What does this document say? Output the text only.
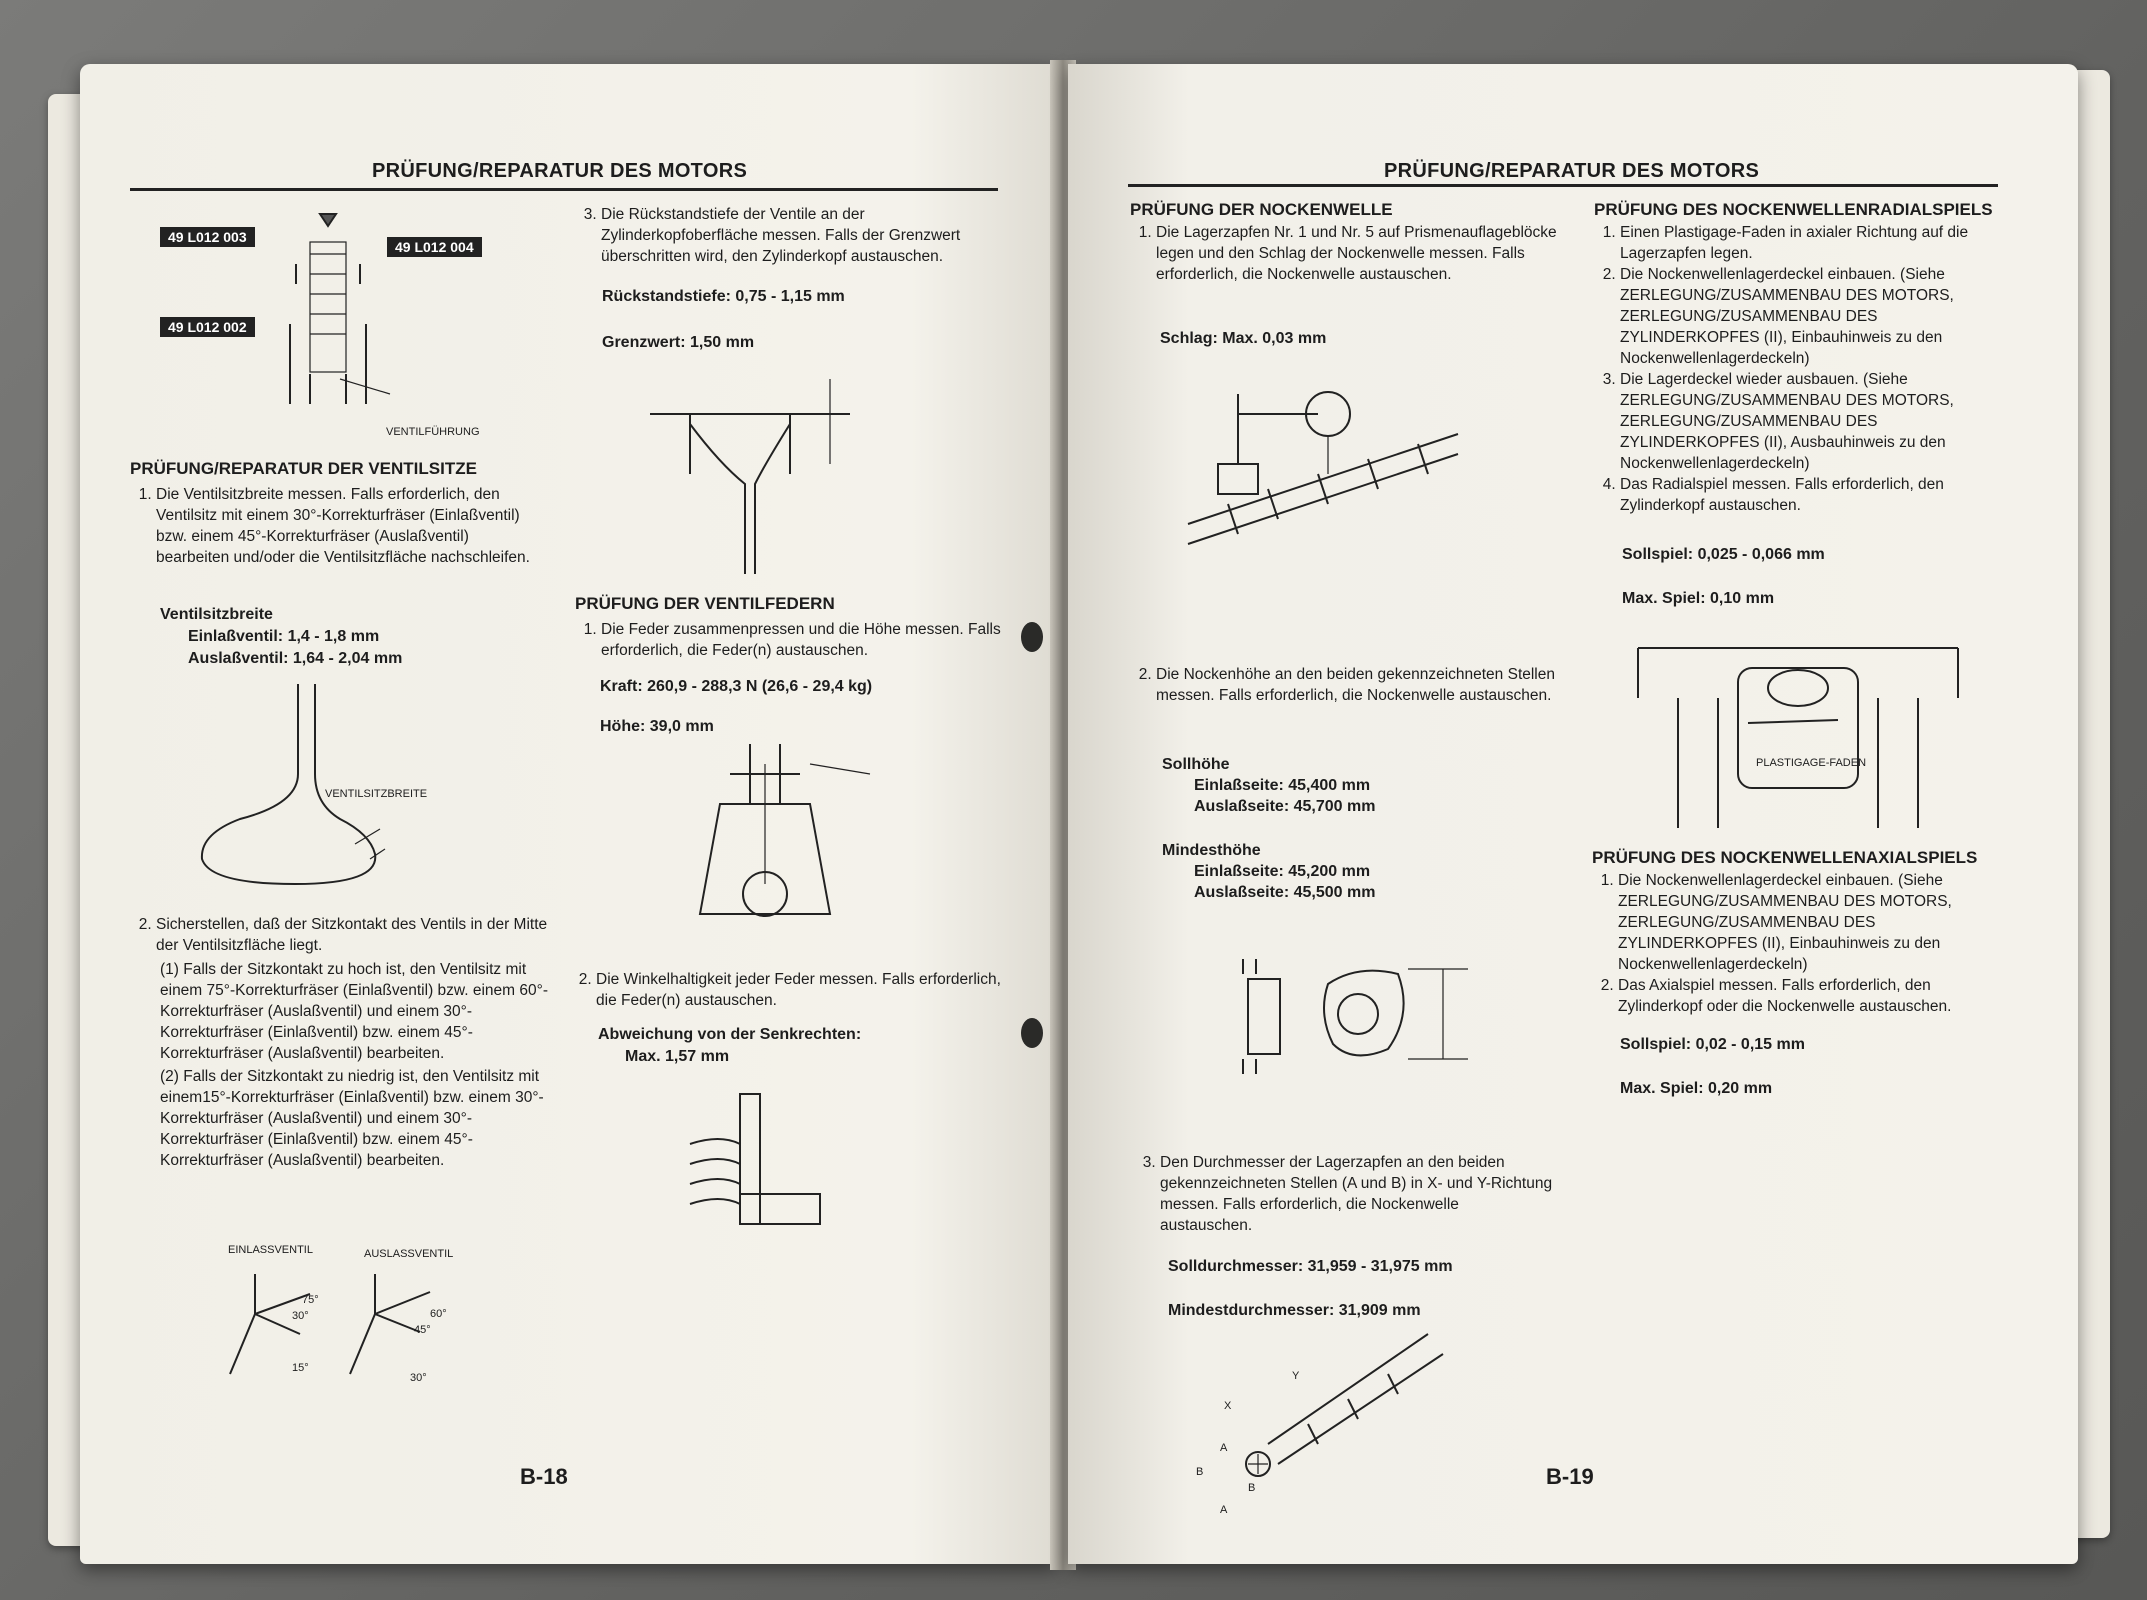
PRÜFUNG/REPARATUR DES MOTORS
49 L012 003
49 L012 004
49 L012 002
VENTILFÜHRUNG
PRÜFUNG/REPARATUR DER VENTILSITZE
1. Die Ventilsitzbreite messen. Falls erforderlich, den Ventilsitz mit einem 30°-Korrekturfräser (Einlaßventil) bzw. einem 45°-Korrekturfräser (Auslaßventil) bearbeiten und/oder die Ventilsitzfläche nachschleifen.
Ventilsitzbreite
Einlaßventil: 1,4 - 1,8 mm
Auslaßventil: 1,64 - 2,04 mm
VENTILSITZBREITE
2. Sicherstellen, daß der Sitzkontakt des Ventils in der Mitte der Ventilsitzfläche liegt.
(1) Falls der Sitzkontakt zu hoch ist, den Ventilsitz mit einem 75°-Korrekturfräser (Einlaßventil) bzw. einem 60°-Korrekturfräser (Auslaßventil) und einem 30°-Korrekturfräser (Einlaßventil) bzw. einem 45°-Korrekturfräser (Auslaßventil) bearbeiten.
(2) Falls der Sitzkontakt zu niedrig ist, den Ventilsitz mit einem15°-Korrekturfräser (Einlaßventil) bzw. einem 30°-Korrekturfräser (Auslaßventil) und einem 30°-Korrekturfräser (Einlaßventil) bzw. einem 45°-Korrekturfräser (Auslaßventil) bearbeiten.
EINLASSVENTIL	AUSLASSVENTIL
75°
30°
15°
60°
45°
30°
3. Die Rückstandstiefe der Ventile an der Zylinderkopfoberfläche messen. Falls der Grenzwert überschritten wird, den Zylinderkopf austauschen.
Rückstandstiefe: 0,75 - 1,15 mm
Grenzwert: 1,50 mm
PRÜFUNG DER VENTILFEDERN
1. Die Feder zusammenpressen und die Höhe messen. Falls erforderlich, die Feder(n) austauschen.
Kraft: 260,9 - 288,3 N (26,6 - 29,4 kg)
Höhe: 39,0 mm
2. Die Winkelhaltigkeit jeder Feder messen. Falls erforderlich, die Feder(n) austauschen.
Abweichung von der Senkrechten:
Max. 1,57 mm
B-18
PRÜFUNG/REPARATUR DES MOTORS
PRÜFUNG DER NOCKENWELLE
1. Die Lagerzapfen Nr. 1 und Nr. 5 auf Prismenauflageblöcke legen und den Schlag der Nockenwelle messen. Falls erforderlich, die Nockenwelle austauschen.
Schlag: Max. 0,03 mm
2. Die Nockenhöhe an den beiden gekennzeichneten Stellen messen. Falls erforderlich, die Nockenwelle austauschen.
Sollhöhe
Einlaßseite: 45,400 mm
Auslaßseite: 45,700 mm
Mindesthöhe
Einlaßseite: 45,200 mm
Auslaßseite: 45,500 mm
3. Den Durchmesser der Lagerzapfen an den beiden gekennzeichneten Stellen (A und B) in X- und Y-Richtung messen. Falls erforderlich, die Nockenwelle austauschen.
Solldurchmesser: 31,959 - 31,975 mm
Mindestdurchmesser: 31,909 mm
X
Y
A
B
B
A
PRÜFUNG DES NOCKENWELLENRADIALSPIELS
1. Einen Plastigage-Faden in axialer Richtung auf die Lagerzapfen legen.
2. Die Nockenwellenlagerdeckel einbauen. (Siehe ZERLEGUNG/ZUSAMMENBAU DES MOTORS, ZERLEGUNG/ZUSAMMENBAU DES ZYLINDERKOPFES (II), Einbauhinweis zu den Nockenwellenlagerdeckeln)
3. Die Lagerdeckel wieder ausbauen. (Siehe ZERLEGUNG/ZUSAMMENBAU DES MOTORS, ZERLEGUNG/ZUSAMMENBAU DES ZYLINDERKOPFES (II), Ausbauhinweis zu den Nockenwellenlagerdeckeln)
4. Das Radialspiel messen. Falls erforderlich, den Zylinderkopf austauschen.
Sollspiel: 0,025 - 0,066 mm
Max. Spiel: 0,10 mm
PLASTIGAGE-FADEN
PRÜFUNG DES NOCKENWELLENAXIALSPIELS
1. Die Nockenwellenlagerdeckel einbauen. (Siehe ZERLEGUNG/ZUSAMMENBAU DES MOTORS, ZERLEGUNG/ZUSAMMENBAU DES ZYLINDERKOPFES (II), Einbauhinweis zu den Nockenwellenlagerdeckeln)
2. Das Axialspiel messen. Falls erforderlich, den Zylinderkopf oder die Nockenwelle austauschen.
Sollspiel: 0,02 - 0,15 mm
Max. Spiel: 0,20 mm
B-19
